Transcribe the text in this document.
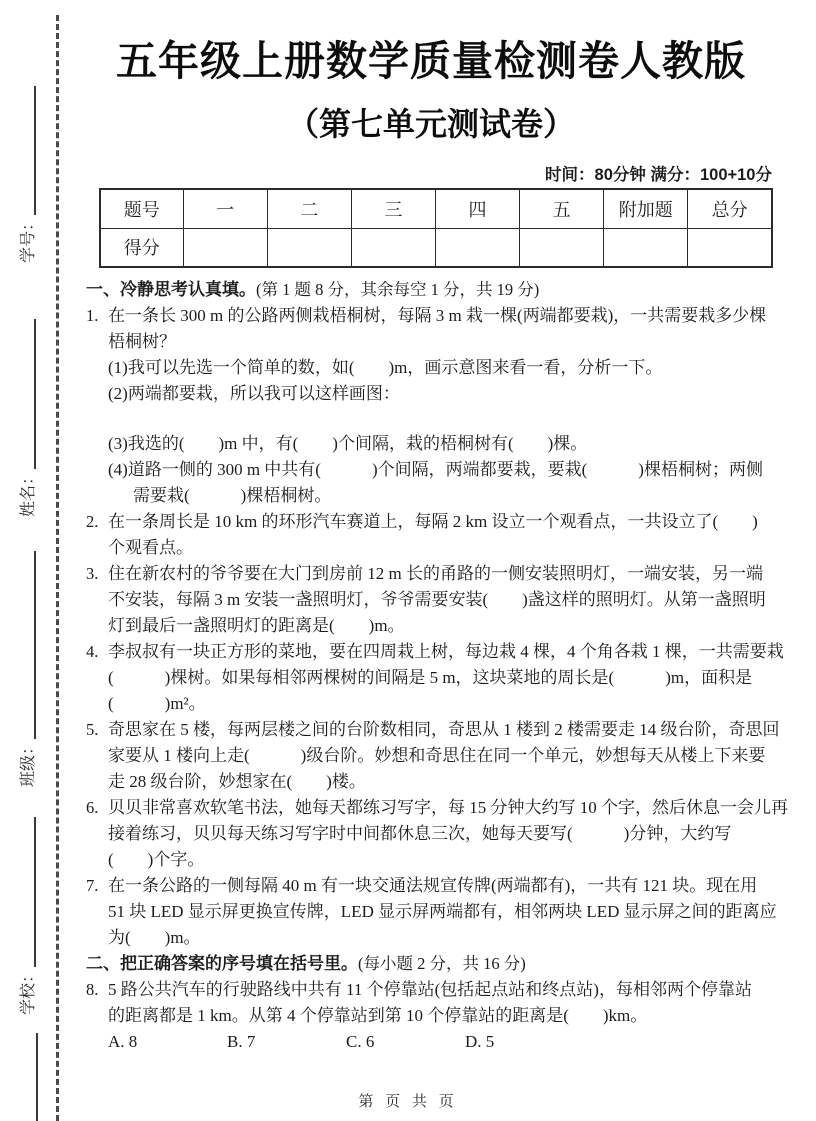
学号：
姓名：
班级：
学校：
五年级上册数学质量检测卷人教版
（第七单元测试卷）
时间：80分钟 满分：100+10分
题号	一	二	三	四	五	附加题	总分
得分							
一、冷静思考认真填。(第 1 题 8 分，其余每空 1 分，共 19 分)
1. 在一条长 300 m 的公路两侧栽梧桐树，每隔 3 m 栽一棵(两端都要栽)，一共需要栽多少棵
梧桐树？
(1)我可以先选一个简单的数，如(　　)m，画示意图来看一看，分析一下。
(2)两端都要栽，所以我可以这样画图：
(3)我选的(　　)m 中，有(　　)个间隔，栽的梧桐树有(　　)棵。
(4)道路一侧的 300 m 中共有(　　　)个间隔，两端都要栽，要栽(　　　)棵梧桐树；两侧
需要栽(　　　)棵梧桐树。
2. 在一条周长是 10 km 的环形汽车赛道上，每隔 2 km 设立一个观看点，一共设立了(　　)
个观看点。
3. 住在新农村的爷爷要在大门到房前 12 m 长的甬路的一侧安装照明灯，一端安装，另一端
不安装，每隔 3 m 安装一盏照明灯，爷爷需要安装(　　)盏这样的照明灯。从第一盏照明
灯到最后一盏照明灯的距离是(　　)m。
4. 李叔叔有一块正方形的菜地，要在四周栽上树，每边栽 4 棵，4 个角各栽 1 棵，一共需要栽
(　　　)棵树。如果每相邻两棵树的间隔是 5 m，这块菜地的周长是(　　　)m，面积是
(　　　)m²。
5. 奇思家在 5 楼，每两层楼之间的台阶数相同，奇思从 1 楼到 2 楼需要走 14 级台阶，奇思回
家要从 1 楼向上走(　　　)级台阶。妙想和奇思住在同一个单元，妙想每天从楼上下来要
走 28 级台阶，妙想家在(　　)楼。
6. 贝贝非常喜欢软笔书法，她每天都练习写字，每 15 分钟大约写 10 个字，然后休息一会儿再
接着练习，贝贝每天练习写字时中间都休息三次，她每天要写(　　　)分钟，大约写
(　　)个字。
7. 在一条公路的一侧每隔 40 m 有一块交通法规宣传牌(两端都有)，一共有 121 块。现在用
51 块 LED 显示屏更换宣传牌，LED 显示屏两端都有，相邻两块 LED 显示屏之间的距离应
为(　　)m。
二、把正确答案的序号填在括号里。(每小题 2 分，共 16 分)
8. 5 路公共汽车的行驶路线中共有 11 个停靠站(包括起点站和终点站)，每相邻两个停靠站
的距离都是 1 km。从第 4 个停靠站到第 10 个停靠站的距离是(　　)km。
A. 8	B. 7	C. 6	D. 5
第 页 共 页
